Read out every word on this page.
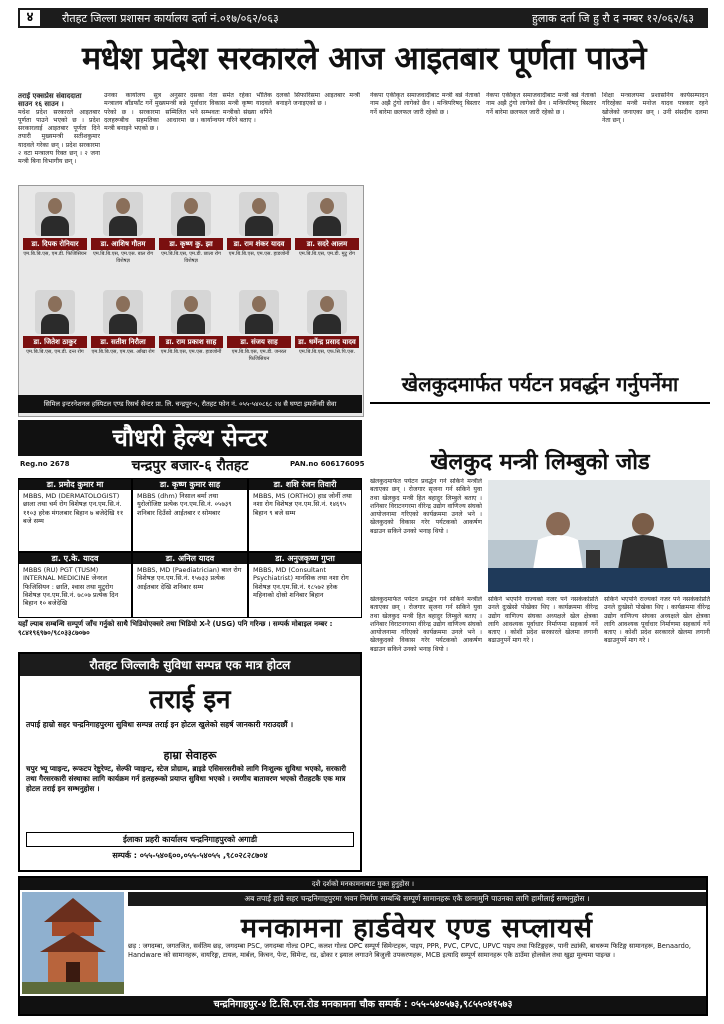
४	रौतहट जिल्ला प्रशासन कार्यालय दर्ता नं.०१७/०६२/०६३	हुलाक दर्ता जि हु रौ द नम्बर १२/०६२/६३
मधेश प्रदेश सरकारले आज आइतबार पूर्णता पाउने
तराई एक्सप्रेस संवाददाता
साउन १६ साउन ।
मधेश प्रदेश सरकारले आइतबार पूर्णता पाउने भएको छ । प्रदेश सरकारलाई आइतबार पूर्णता दिने तयारी मुख्यमन्त्री सतीशकुमार यादवले गरेका छन् । प्रदेश सरकारमा २ वटा मन्त्रालय रिक्त छन् । २ जना मन्त्री बिना विभागीय छन् ।
उनका कार्यालय सुत्र अनुसार मन्त्रालय बाँडफाँट गर्ने मुख्यमन्त्री बन्ने परेको छ । सरकारमा सम्मिलित दलहरूबीच सहमतिका आधारमा मन्त्री बनाइने भएको छ ।
दसका नेता समेत रहेका भौतिक पूर्वाधार विकास मन्त्री कृष्ण यादवले भने सम्भवतः मन्त्रीको संख्या थपिने छ । कार्यान्वयन गरिने बताए ।
दलको सिफारिसमा आइतबार मन्त्री बनाइने जनाइएको छ ।
नेकपा एकीकृत समाजवादीबाट मन्त्री बन्ने नेताको नाम अझै टुंगो लागेको छैन । मन्त्रिपरिषद् बिस्तार गर्ने बारेमा छलफल जारी रहेको छ ।
नेकपा एकीकृत समाजवादीबाट मन्त्री बन्ने नेताको नाम अझै टुंगो लागेको छैन । मन्त्रिपरिषद् बिस्तार गर्ने बारेमा छलफल जारी रहेको छ ।
शिक्षा मन्त्रालयमा प्रशासनिय कार्यसम्पादन गरिरहेका मन्त्री मनोज यादव पत्रकार रहने खोजेको जनाएका छन् । उनी संसदीय दलमा नेता छन् ।
डा. दिपक रोनियार
एम.बि.बि.एस, एम.डी. फिजिसियन
डा. आशिष गौतम
एम.बि.बि.एस, एम.एस. बाल रोग विशेषज्ञ
डा. कृष्ण कु. झा
एम.बि.बि.एस, एम.डी. छाला रोग विशेषज्ञ
डा. राम शंकर यादव
एम.बि.बि.एस, एम.एस. हाडजोर्नी
डा. सदरे आलम
एम.बि.बि.एस, एम.डी. मुटु रोग
डा. जितेश ठाकुर
एम.बि.बि.एस, एम.डी. दन्त रोग
डा. सतीश निरौला
एम.बि.बि.एस, एम.एस. आँखा रोग
डा. राम प्रकाश साह
एम.बि.बि.एस, एम.एस. हाडजोर्नी
डा. संजय साह
एम.बि.बि.एस, एम.डी. जनरल फिजिसियन
डा. धर्मेन्द्र प्रसाद यादव
एम.बि.बि.एस, एफ.सि.पि.एस.
सिमिल इन्टरनेशनल हस्पिटल एण्ड रिसर्च सेन्टर प्रा. लि. चन्द्रपुर-५, रौतहट फोन नं. ०५५-५४०८६८ २४ सै घण्टा इमर्जेन्सी सेवा
चौधरी हेल्थ सेन्टर
Reg.no 2678	चन्द्रपुर बजार-६ रौतहट	PAN.no 606176095
डा. प्रमोद कुमार मा
MBBS, MD (DERMATOLOGIST) छाला तथा चर्म रोग विशेषज्ञ एन.एम.सि.नं. ११०३ हरेक मंगलबार बिहान ७ बजेदेखि ११ बजे सम्म
डा. कृष्ण कुमार साह
MBBS (dhm) निसाल बर्मा तथा युरोलोजिष्ट प्रत्येक एन.एम.सि.नं. ०५७३९ शनिबार दिउँसो आईतबार र सोमबार
डा. शशि रंजन तिवारी
MBBS, MS (ORTHO) हाड जोर्नी तथा नशा रोग विशेषज्ञ एन.एम.सि.नं. १४६९५ बिहान ९ बजे सम्म
डा. ए.के. यादव
MBBS (RU) PGT (TUSM) INTERNAL MEDICINE जेनरल फिजिसियन : छाति, श्वास तथा मुटुरोग विशेषज्ञ एन.एम.सि.नं. ७८०७ प्रत्येक दिन बिहान १० बजेदेखि
डा. अनिल यादव
MBBS, MD (Paediatrician) बाल रोग विशेषज्ञ एन.एम.सि.नं. १५७३३ प्रत्येक आईतबार देखि शनिबार सम्म
डा. अनुजकृष्ण गुप्ता
MBBS, MD (Consultant Psychiatrist) मानसिक तथा नशा रोग विशेषज्ञ एन.एम.सि.नं. १८५७२ हरेक महिनाको दोस्रो शनिबार बिहान
यहाँ ल्याब सम्बन्धि सम्पूर्ण जाँच गर्नुको साथै भिडियोएक्सरे तथा भिडियो X-रे (USG) पनि गरिन्छ । सम्पर्क मोबाइल नम्बर : ९८४१९६९७०/९८०३३८७०७०
रौतहट जिल्लाकै सुविधा सम्पन्न एक मात्र होटल
तराई इन
तपाई हाम्रो सहर चन्द्रनिगाहपुरमा सुविधा सम्पन्न तराई इन होटल खुलेको सहर्ष जानकारी गराउदछौं ।
हाम्रा सेवाहरू
चपुर भ्यू प्वाइन्ट, रूफटप रेष्टुरेण्ट, सेल्फी प्वाइन्ट, स्टेज प्रोग्राम, ब्राइडे एसिसरसरीको लागि निःशुल्क सुविधा भएको, सरकारी तथा गैरसरकारी संस्थाका लागि कार्यक्रम गर्न हलहरूको प्रयाप्त सुविधा भएको । रमणीय बातावरण भएको रौतहटकै एक मात्र होटल तराई इन सम्भनुहोस ।
ईलाका प्रहरी कार्यालय चन्द्रनिगाहपुरको अगाडी
सम्पर्क : ०५५-५४०६००,०५५-५४०५५ ,९८०२८२८७०४
खेलकुदमार्फत पर्यटन प्रवर्द्धन गर्नुपर्नेमा
खेलकुद मन्त्री लिम्बुको जोड
खेलकुदमार्फत पर्यटन प्रवर्द्धन गर्न सकिने मन्त्रीले बताएका छन् । रोजगार सृजना गर्न सकिने युवा तथा खेलकुद मन्त्री हित बहादुर लिम्बुले बताए । शनिबार विराटनगरमा वीरेन्द्र उद्योग वाणिज्य संघको आयोजनामा गरिएको कार्यक्रममा उनले भने । खेलकुदको विकास गरेर पर्यटकको आकर्षण बढाउन सकिने उनको भनाइ थियो ।
खेलकुदमार्फत पर्यटन प्रवर्द्धन गर्न सकिने मन्त्रीले बताएका छन् । रोजगार सृजना गर्न सकिने युवा तथा खेलकुद मन्त्री हित बहादुर लिम्बुले बताए । शनिबार विराटनगरमा वीरेन्द्र उद्योग वाणिज्य संघको आयोजनामा गरिएको कार्यक्रममा उनले भने । खेलकुदको विकास गरेर पर्यटकको आकर्षण बढाउन सकिने उनको भनाइ थियो ।
सकिने भएपनि राज्यको नजर पर्न नसकेकोप्रति उनले दुःखेसो पोखेका थिए । कार्यक्रममा वीरेन्द्र उद्योग वाणिज्य संघका अध्यक्षले खेल क्षेत्रका लागि आवश्यक पूर्वाधार निर्माणमा सहकार्य गर्ने बताए । कोशी प्रदेश सरकारले खेलमा लगानी बढाउनुपर्ने माग गरे ।
सकिने भएपनि राज्यको नजर पर्न नसकेकोप्रति उनले दुःखेसो पोखेका थिए । कार्यक्रममा वीरेन्द्र उद्योग वाणिज्य संघका अध्यक्षले खेल क्षेत्रका लागि आवश्यक पूर्वाधार निर्माणमा सहकार्य गर्ने बताए । कोशी प्रदेश सरकारले खेलमा लगानी बढाउनुपर्ने माग गरे ।
दशै दर्शको मनकामनाबाट मुक्त हुनुहोस ।
अब तपाई हाम्रै सहर चन्द्रनिगाहपुरमा भवन निर्माण सम्बन्धि सम्पूर्ण सामानहरू एकै छानामुनि पाउनका लागि हामीलाई सम्भनुहोस ।
मनकामना हार्डवेयर एण्ड सप्लायर्स
छड़ : जगदम्बा, जगतजित, सर्वतिम छड़, जगदम्बा PSC, जगदम्बा गोल्ड OPC, कलश गोल्ड OPC सम्पूर्ण सिमेन्टहरू, पाइप, PPR, PVC, CPVC, UPVC पाइप तथा फिटिङ्गहरू, पानी ट्यांकी, बाथरूम फिटिङ्ग सामानहरू, Benaardo, Handware को सामानहरू, वायरिङ्ग, टायल, मार्बल, किचन, पेन्ट, सिमेन्ट, रड, ढोका र झ्याल लगाउने बिजुली उपकरणहरू, MCB इत्यादि सम्पूर्ण सामानहरू एकै ठाउँमा होलसेल तथा खुद्रा मूल्यमा पाइन्छ ।
चन्द्रनिगाहपुर-४ टि.सि.एन.रोड मनकामना चौक सम्पर्क : ०५५-५४०५७३,९८५५०४१५७३
